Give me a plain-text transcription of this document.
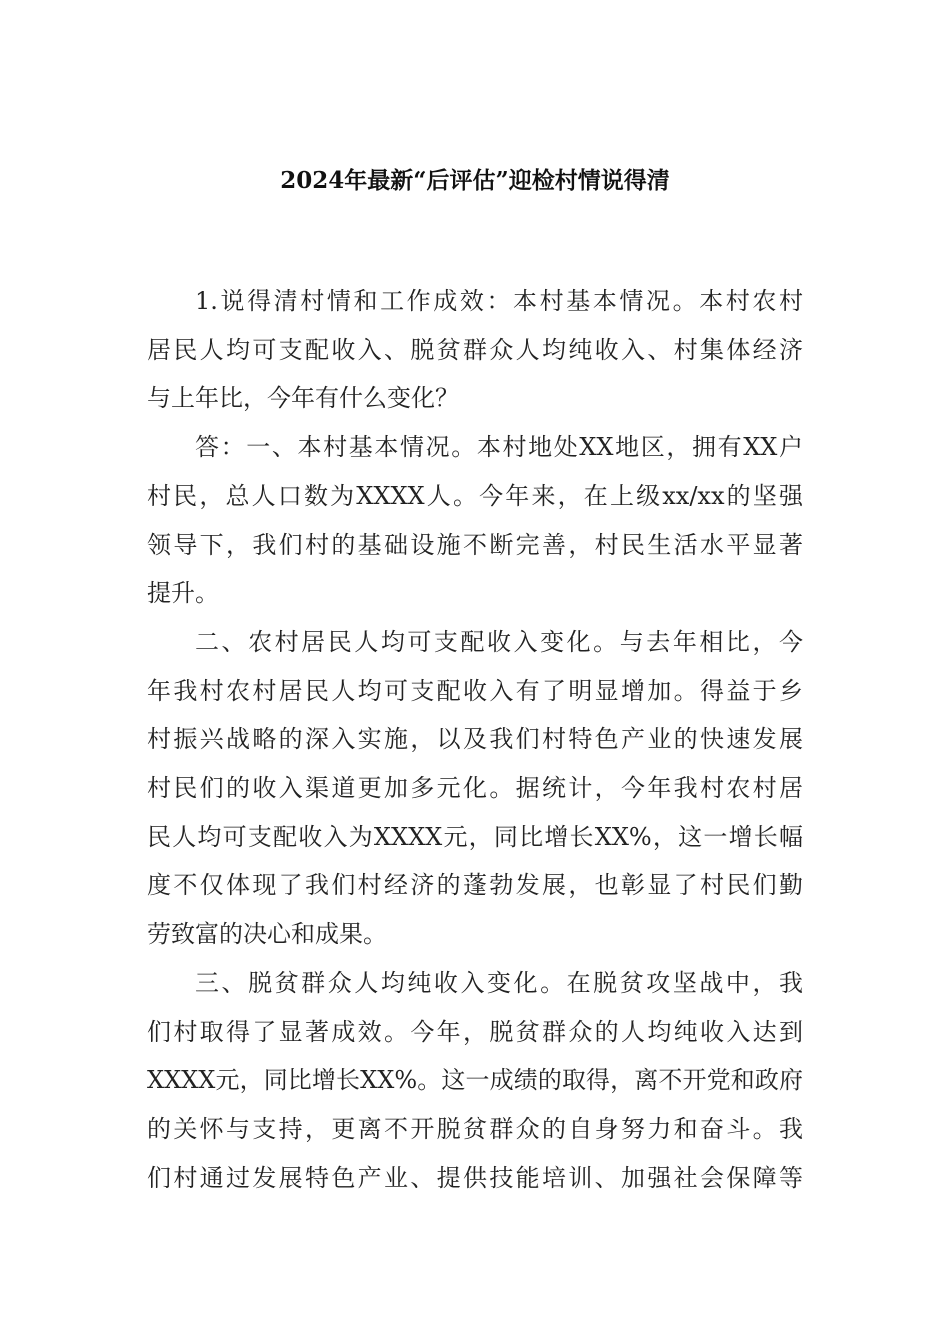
2024年最新“后评估”迎检村情说得清
1.说得清村情和工作成效：本村基本情况。本村农村
居民人均可支配收入、脱贫群众人均纯收入、村集体经济
与上年比，今年有什么变化？
答：一、本村基本情况。本村地处XX地区，拥有XX户
村民，总人口数为XXXX人。今年来，在上级xx/xx的坚强
领导下，我们村的基础设施不断完善，村民生活水平显著
提升。
二、农村居民人均可支配收入变化。与去年相比，今
年我村农村居民人均可支配收入有了明显增加。得益于乡
村振兴战略的深入实施，以及我们村特色产业的快速发展
村民们的收入渠道更加多元化。据统计，今年我村农村居
民人均可支配收入为XXXX元，同比增长XX%，这一增长幅
度不仅体现了我们村经济的蓬勃发展，也彰显了村民们勤
劳致富的决心和成果。
三、脱贫群众人均纯收入变化。在脱贫攻坚战中，我
们村取得了显著成效。今年，脱贫群众的人均纯收入达到
XXXX元，同比增长XX%。这一成绩的取得，离不开党和政府
的关怀与支持，更离不开脱贫群众的自身努力和奋斗。我
们村通过发展特色产业、提供技能培训、加强社会保障等
